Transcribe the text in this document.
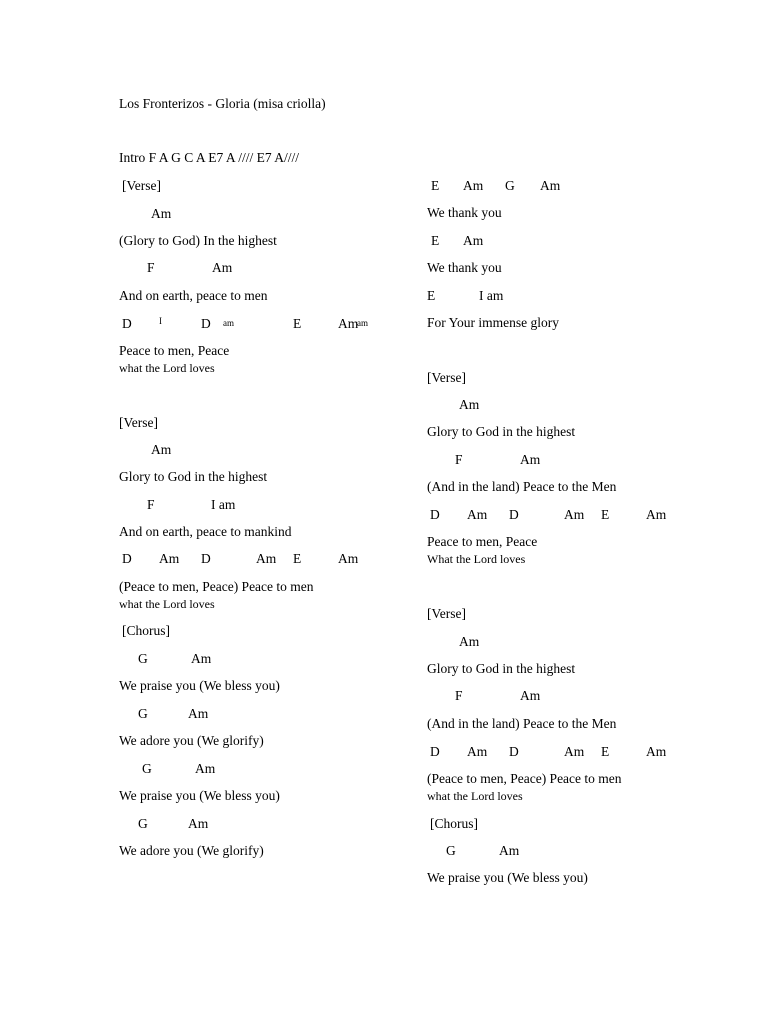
Los Fronterizos - Gloria (misa criolla)
Intro F A G C A E7 A //// E7 A////
[Verse]
Am
(Glory to God) In the highest
F	Am
And on earth, peace to men
D	I	D am	E	Am
am
Peace to men, Peace
what the Lord loves
[Verse]
Am
Glory to God in the highest
F	I am
And on earth, peace to mankind
D Am D	Am E	Am
(Peace to men, Peace) Peace to men
what the Lord loves
[Chorus]
G	Am
We praise you (We bless you)
G	Am
We adore you (We glorify)
G	Am
We praise you (We bless you)
G	Am
We adore you (We glorify)
E Am G Am
We thank you
E Am
We thank you
E	I am
For Your immense glory
[Verse]
Am
Glory to God in the highest
F	Am
(And in the land) Peace to the Men
D Am D	Am E	Am
Peace to men, Peace
What the Lord loves
[Verse]
Am
Glory to God in the highest
F	Am
(And in the land) Peace to the Men
D Am D	Am E	Am
(Peace to men, Peace) Peace to men
what the Lord loves
[Chorus]
G	Am
We praise you (We bless you)
